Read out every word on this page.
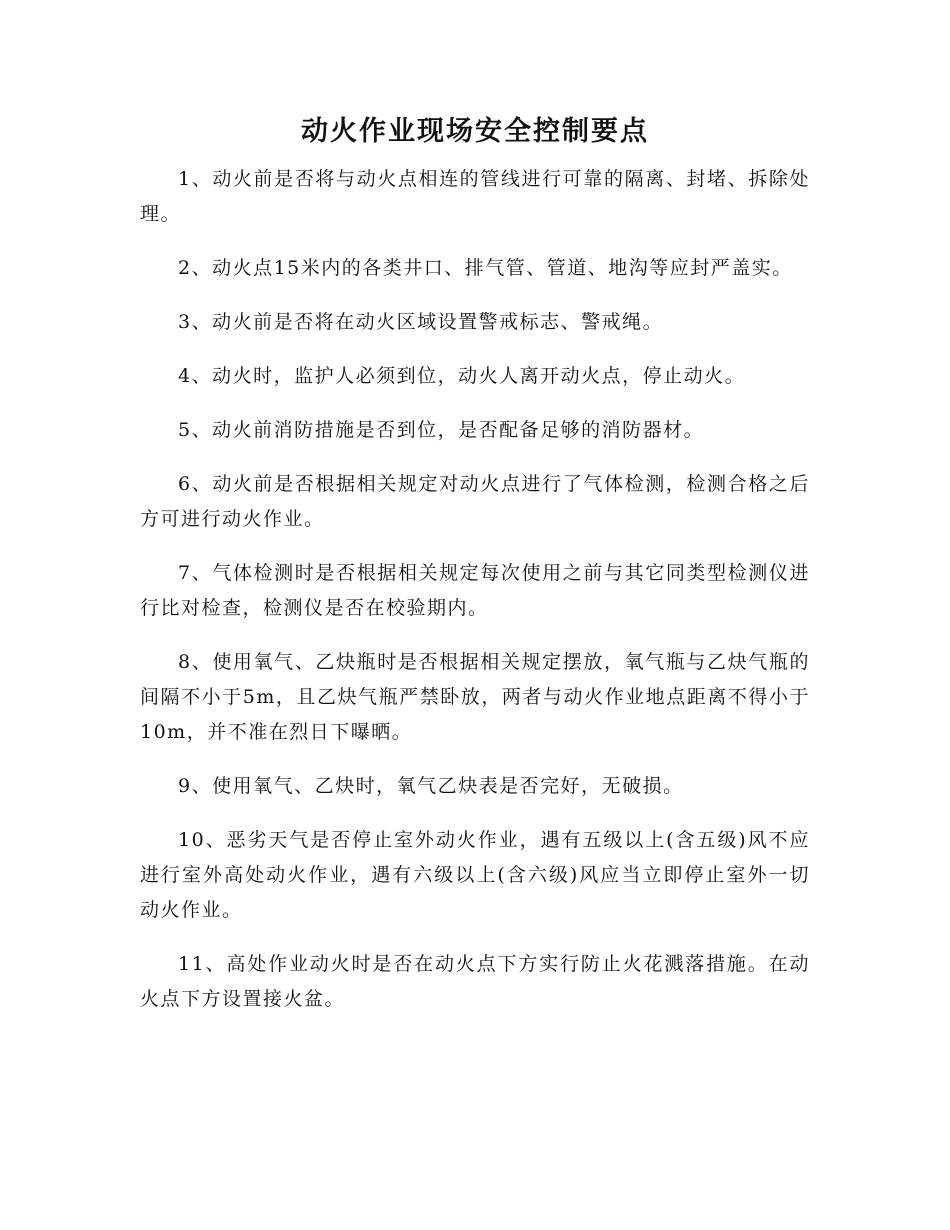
动火作业现场安全控制要点

1、动火前是否将与动火点相连的管线进行可靠的隔离、封堵、拆除处理。

2、动火点15米内的各类井口、排气管、管道、地沟等应封严盖实。

3、动火前是否将在动火区域设置警戒标志、警戒绳。

4、动火时，监护人必须到位，动火人离开动火点，停止动火。

5、动火前消防措施是否到位，是否配备足够的消防器材。

6、动火前是否根据相关规定对动火点进行了气体检测，检测合格之后方可进行动火作业。

7、气体检测时是否根据相关规定每次使用之前与其它同类型检测仪进行比对检查，检测仪是否在校验期内。

8、使用氧气、乙炔瓶时是否根据相关规定摆放，氧气瓶与乙炔气瓶的间隔不小于5m，且乙炔气瓶严禁卧放，两者与动火作业地点距离不得小于10m，并不准在烈日下曝晒。

9、使用氧气、乙炔时，氧气乙炔表是否完好，无破损。

10、恶劣天气是否停止室外动火作业，遇有五级以上(含五级)风不应进行室外高处动火作业，遇有六级以上(含六级)风应当立即停止室外一切动火作业。

11、高处作业动火时是否在动火点下方实行防止火花溅落措施。在动火点下方设置接火盆。
